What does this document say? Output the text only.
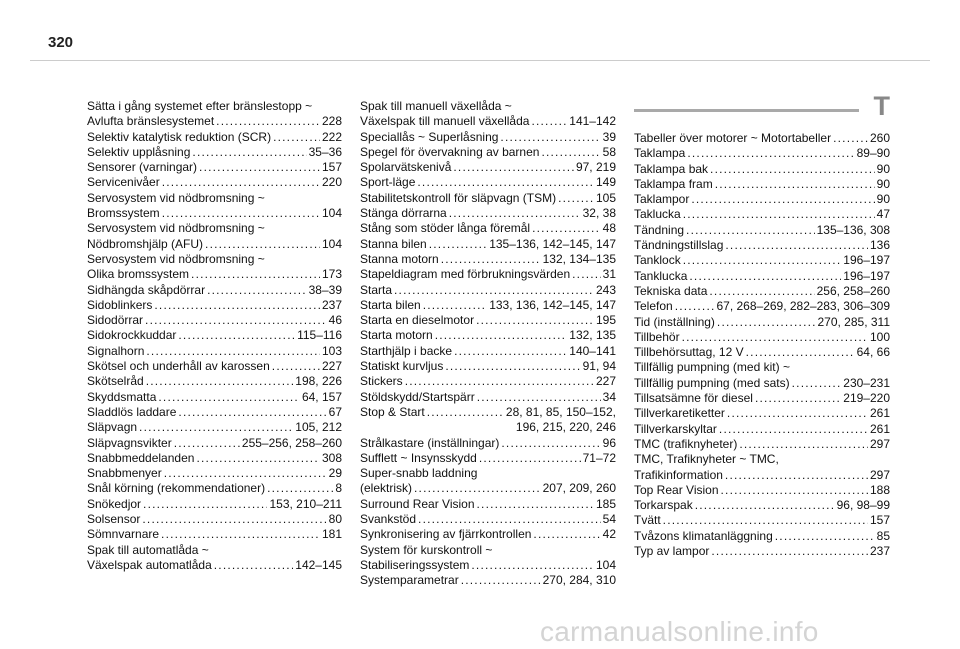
320
Sätta i gång systemet efter bränslestopp ~
Avlufta bränslesystemet .....	228
Selektiv katalytisk reduktion (SCR) .....	222
Selektiv upplåsning .....	35–36
Sensorer (varningar) .....	157
Servicenivåer .....	220
Servosystem vid nödbromsning ~
Bromssystem .....	104
Servosystem vid nödbromsning ~
Nödbromshjälp (AFU) .....	104
Servosystem vid nödbromsning ~
Olika bromssystem .....	173
Sidhängda skåpdörrar .....	38–39
Sidoblinkers .....	237
Sidodörrar .....	46
Sidokrockkuddar .....	115–116
Signalhorn .....	103
Skötsel och underhåll av karossen .....	227
Skötselråd .....	198, 226
Skyddsmatta .....	64, 157
Sladdlös laddare .....	67
Släpvagn .....	105, 212
Släpvagnsvikter .....	255–256, 258–260
Snabbmeddelanden .....	308
Snabbmenyer .....	29
Snål körning (rekommendationer) .....	8
Snökedjor .....	153, 210–211
Solsensor .....	80
Sömnvarnare .....	181
Spak till automatlåda ~
Växelspak automatlåda .....	142–145
Spak till manuell växellåda ~
Växelspak till manuell växellåda .....	141–142
Speciallås ~ Superlåsning .....	39
Spegel för övervakning av barnen .....	58
Spolarvätskenivå .....	97, 219
Sport-läge .....	149
Stabilitetskontroll för släpvagn (TSM) .....	105
Stänga dörrarna .....	32, 38
Stång som stöder långa föremål .....	48
Stanna bilen .....	135–136, 142–145, 147
Stanna motorn .....	132, 134–135
Stapeldiagram med förbrukningsvärden .....	31
Starta .....	243
Starta bilen .....	133, 136, 142–145, 147
Starta en dieselmotor .....	195
Starta motorn .....	132, 135
Starthjälp i backe .....	140–141
Statiskt kurvljus .....	91, 94
Stickers .....	227
Stöldskydd/Startspärr .....	34
Stop & Start .....	28, 81, 85, 150–152,
196, 215, 220, 246
Strålkastare (inställningar) .....	96
Sufflett ~ Insynsskydd .....	71–72
Super-snabb laddning
(elektrisk) .....	207, 209, 260
Surround Rear Vision .....	185
Svankstöd .....	54
Synkronisering av fjärrkontrollen .....	42
System för kurskontroll ~
Stabiliseringssystem .....	104
Systemparametrar .....	270, 284, 310
T
Tabeller över motorer ~ Motortabeller .....	260
Taklampa .....	89–90
Taklampa bak .....	90
Taklampa fram .....	90
Taklampor .....	90
Taklucka .....	47
Tändning .....	135–136, 308
Tändningstillslag .....	136
Tanklock .....	196–197
Tanklucka .....	196–197
Tekniska data .....	256, 258–260
Telefon .....	67, 268–269, 282–283, 306–309
Tid (inställning) .....	270, 285, 311
Tillbehör .....	100
Tillbehörsuttag, 12 V .....	64, 66
Tillfällig pumpning (med kit) ~
Tillfällig pumpning (med sats) .....	230–231
Tillsatsämne för diesel .....	219–220
Tillverkaretiketter .....	261
Tillverkarskyltar .....	261
TMC (trafiknyheter) .....	297
TMC, Trafiknyheter ~ TMC,
Trafikinformation .....	297
Top Rear Vision .....	188
Torkarspak .....	96, 98–99
Tvätt .....	157
Tvåzons klimatanläggning .....	85
Typ av lampor .....	237
carmanualsonline.info
